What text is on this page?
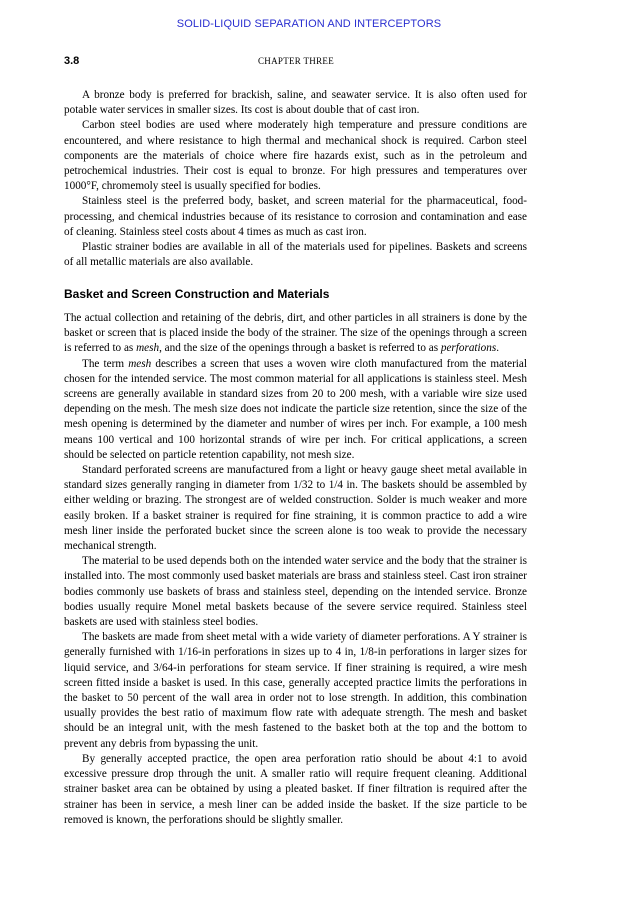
SOLID-LIQUID SEPARATION AND INTERCEPTORS
3.8	CHAPTER THREE

A bronze body is preferred for brackish, saline, and seawater service. It is also often used for potable water services in smaller sizes. Its cost is about double that of cast iron.

Carbon steel bodies are used where moderately high temperature and pressure conditions are encountered, and where resistance to high thermal and mechanical shock is required. Carbon steel components are the materials of choice where fire hazards exist, such as in the petroleum and petrochemical industries. Their cost is equal to bronze. For high pressures and temperatures over 1000°F, chromemoly steel is usually specified for bodies.

Stainless steel is the preferred body, basket, and screen material for the pharmaceutical, food-processing, and chemical industries because of its resistance to corrosion and contamination and ease of cleaning. Stainless steel costs about 4 times as much as cast iron.

Plastic strainer bodies are available in all of the materials used for pipelines. Baskets and screens of all metallic materials are also available.

Basket and Screen Construction and Materials

The actual collection and retaining of the debris, dirt, and other particles in all strainers is done by the basket or screen that is placed inside the body of the strainer. The size of the openings through a screen is referred to as mesh, and the size of the openings through a basket is referred to as perforations.

The term mesh describes a screen that uses a woven wire cloth manufactured from the material chosen for the intended service. The most common material for all applications is stainless steel. Mesh screens are generally available in standard sizes from 20 to 200 mesh, with a variable wire size used depending on the mesh. The mesh size does not indicate the particle size retention, since the size of the mesh opening is determined by the diameter and number of wires per inch. For example, a 100 mesh means 100 vertical and 100 horizontal strands of wire per inch. For critical applications, a screen should be selected on particle retention capability, not mesh size.

Standard perforated screens are manufactured from a light or heavy gauge sheet metal available in standard sizes generally ranging in diameter from 1/32 to 1/4 in. The baskets should be assembled by either welding or brazing. The strongest are of welded construction. Solder is much weaker and more easily broken. If a basket strainer is required for fine straining, it is common practice to add a wire mesh liner inside the perforated bucket since the screen alone is too weak to provide the necessary mechanical strength.

The material to be used depends both on the intended water service and the body that the strainer is installed into. The most commonly used basket materials are brass and stainless steel. Cast iron strainer bodies commonly use baskets of brass and stainless steel, depending on the intended service. Bronze bodies usually require Monel metal baskets because of the severe service required. Stainless steel baskets are used with stainless steel bodies.

The baskets are made from sheet metal with a wide variety of diameter perforations. A Y strainer is generally furnished with 1/16-in perforations in sizes up to 4 in, 1/8-in perforations in larger sizes for liquid service, and 3/64-in perforations for steam service. If finer straining is required, a wire mesh screen fitted inside a basket is used. In this case, generally accepted practice limits the perforations in the basket to 50 percent of the wall area in order not to lose strength. In addition, this combination usually provides the best ratio of maximum flow rate with adequate strength. The mesh and basket should be an integral unit, with the mesh fastened to the basket both at the top and the bottom to prevent any debris from bypassing the unit.

By generally accepted practice, the open area perforation ratio should be about 4:1 to avoid excessive pressure drop through the unit. A smaller ratio will require frequent cleaning. Additional strainer basket area can be obtained by using a pleated basket. If finer filtration is required after the strainer has been in service, a mesh liner can be added inside the basket. If the size particle to be removed is known, the perforations should be slightly smaller.
